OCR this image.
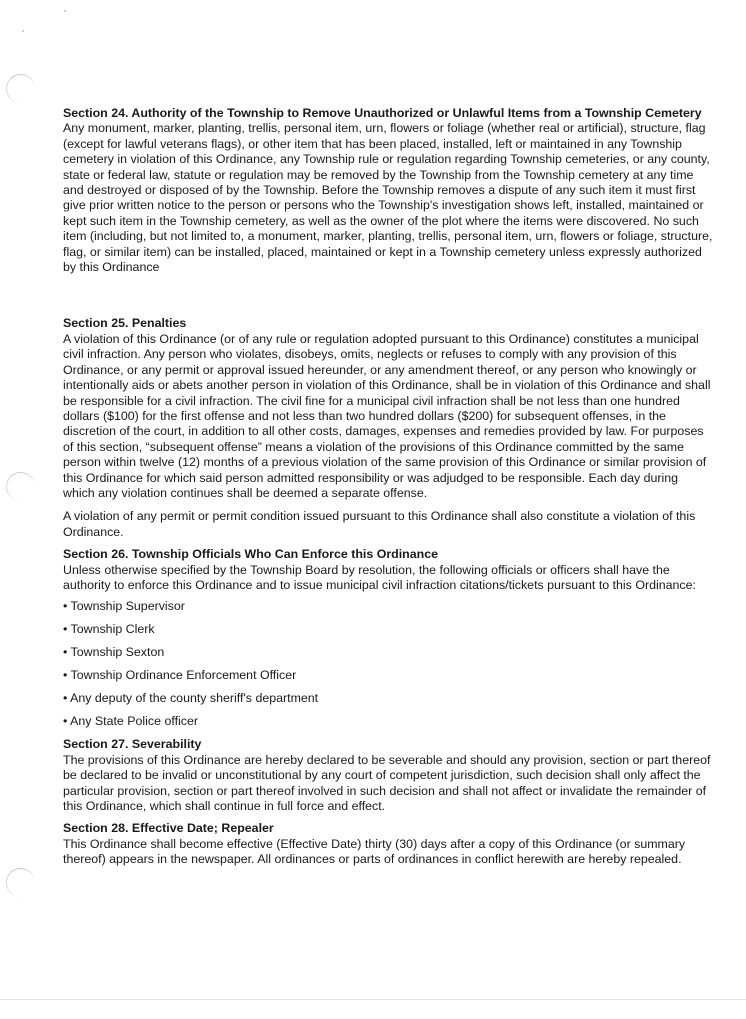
Section 24. Authority of the Township to Remove Unauthorized or Unlawful Items from a Township Cemetery

Any monument, marker, planting, trellis, personal item, urn, flowers or foliage (whether real or artificial), structure, flag (except for lawful veterans flags), or other item that has been placed, installed, left or maintained in any Township cemetery in violation of this Ordinance, any Township rule or regulation regarding Township cemeteries, or any county, state or federal law, statute or regulation may be removed by the Township from the Township cemetery at any time and destroyed or disposed of by the Township. Before the Township removes a dispute of any such item it must first give prior written notice to the person or persons who the Township's investigation shows left, installed, maintained or kept such item in the Township cemetery, as well as the owner of the plot where the items were discovered. No such item (including, but not limited to, a monument, marker, planting, trellis, personal item, urn, flowers or foliage, structure, flag, or similar item) can be installed, placed, maintained or kept in a Township cemetery unless expressly authorized by this Ordinance

Section 25. Penalties

A violation of this Ordinance (or of any rule or regulation adopted pursuant to this Ordinance) constitutes a municipal civil infraction. Any person who violates, disobeys, omits, neglects or refuses to comply with any provision of this Ordinance, or any permit or approval issued hereunder, or any amendment thereof, or any person who knowingly or intentionally aids or abets another person in violation of this Ordinance, shall be in violation of this Ordinance and shall be responsible for a civil infraction. The civil fine for a municipal civil infraction shall be not less than one hundred dollars ($100) for the first offense and not less than two hundred dollars ($200) for subsequent offenses, in the discretion of the court, in addition to all other costs, damages, expenses and remedies provided by law. For purposes of this section, “subsequent offense” means a violation of the provisions of this Ordinance committed by the same person within twelve (12) months of a previous violation of the same provision of this Ordinance or similar provision of this Ordinance for which said person admitted responsibility or was adjudged to be responsible. Each day during which any violation continues shall be deemed a separate offense.

A violation of any permit or permit condition issued pursuant to this Ordinance shall also constitute a violation of this Ordinance.

Section 26. Township Officials Who Can Enforce this Ordinance

Unless otherwise specified by the Township Board by resolution, the following officials or officers shall have the authority to enforce this Ordinance and to issue municipal civil infraction citations/tickets pursuant to this Ordinance:

• Township Supervisor
• Township Clerk
• Township Sexton
• Township Ordinance Enforcement Officer
• Any deputy of the county sheriff's department
• Any State Police officer

Section 27. Severability

The provisions of this Ordinance are hereby declared to be severable and should any provision, section or part thereof be declared to be invalid or unconstitutional by any court of competent jurisdiction, such decision shall only affect the particular provision, section or part thereof involved in such decision and shall not affect or invalidate the remainder of this Ordinance, which shall continue in full force and effect.

Section 28. Effective Date; Repealer

This Ordinance shall become effective (Effective Date) thirty (30) days after a copy of this Ordinance (or summary thereof) appears in the newspaper. All ordinances or parts of ordinances in conflict herewith are hereby repealed.
